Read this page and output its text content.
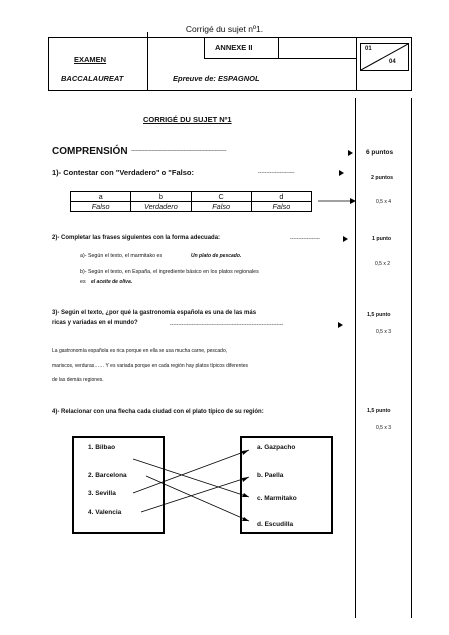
Corrigé du sujet nº1.
EXAMEN
BACCALAUREAT
ANNEXE II
Epreuve de: ESPAGNOL
01
04
CORRIGÉ DU SUJET Nº1
COMPRENSIÓN -----------------------------------------------------------------	6 puntos
1)- Contestar con "Verdadero" o "Falso:	----------------------
2 puntos
a	b	C	d
Falso	Verdadero	Falso	Falso	0,5 x 4
2)- Completar las frases siguientes con la forma adecuada:	------------------	1 punto
a)- Según el texto, el marmitako es	Un plato de pescado.
0,5 x 2
b)- Según el texto, en España, el ingrediente básico en los platos regionales
es el aceite de oliva.
3)- Según el texto, ¿por qué la gastronomía española es una de las más
ricas y variadas en el mundo?	--------------------------------------------------------------------
1,5 punto
0,5 x 3
La gastronomía española es rica porque en ella se usa mucha carne, pescado,
mariscos, verduras…… Y es variada porque en cada región hay platos típicos diferentes
de las demás regiones.
4)- Relacionar con una flecha cada ciudad con el plato típico de su región:	1,5 punto
0,5 x 3
1. Bilbao
2. Barcelona
3. Sevilla
4. Valencia
a. Gazpacho
b. Paella
c. Marmitako
d. Escudilla
